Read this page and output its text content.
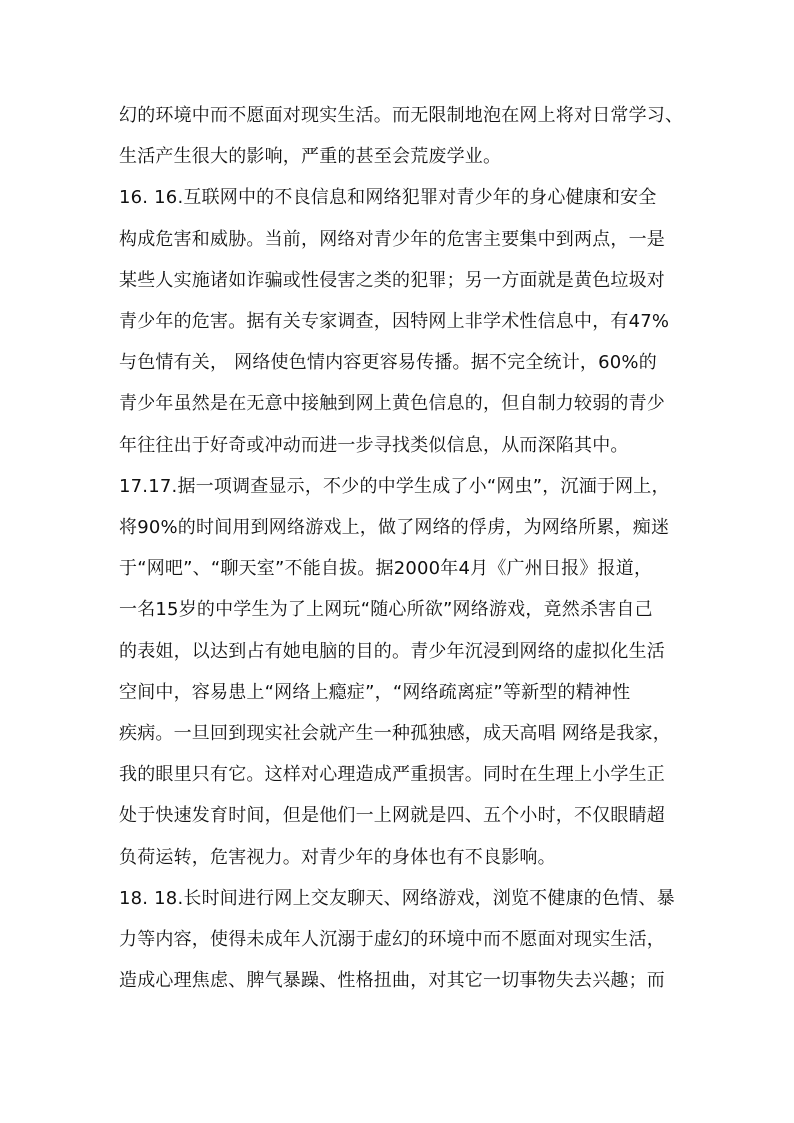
幻的环境中而不愿面对现实生活。而无限制地泡在网上将对日常学习、
生活产生很大的影响，严重的甚至会荒废学业。
16. 16.互联网中的不良信息和网络犯罪对青少年的身心健康和安全
构成危害和威胁。当前，网络对青少年的危害主要集中到两点，一是
某些人实施诸如诈骗或性侵害之类的犯罪；另一方面就是黄色垃圾对
青少年的危害。据有关专家调查，因特网上非学术性信息中，有47%
与色情有关， 网络使色情内容更容易传播。据不完全统计，60%的
青少年虽然是在无意中接触到网上黄色信息的，但自制力较弱的青少
年往往出于好奇或冲动而进一步寻找类似信息，从而深陷其中。
17.17.据一项调查显示，不少的中学生成了小“网虫”，沉湎于网上，
将90%的时间用到网络游戏上，做了网络的俘虏，为网络所累，痴迷
于“网吧”、“聊天室”不能自拔。据2000年4月《广州日报》报道，
一名15岁的中学生为了上网玩“随心所欲”网络游戏，竟然杀害自己
的表姐，以达到占有她电脑的目的。青少年沉浸到网络的虚拟化生活
空间中，容易患上“网络上瘾症”，“网络疏离症”等新型的精神性
疾病。一旦回到现实社会就产生一种孤独感，成天高唱 网络是我家，
我的眼里只有它。这样对心理造成严重损害。同时在生理上小学生正
处于快速发育时间，但是他们一上网就是四、五个小时，不仅眼睛超
负荷运转，危害视力。对青少年的身体也有不良影响。
18. 18.长时间进行网上交友聊天、网络游戏，浏览不健康的色情、暴
力等内容，使得未成年人沉溺于虚幻的环境中而不愿面对现实生活，
造成心理焦虑、脾气暴躁、性格扭曲，对其它一切事物失去兴趣；而
